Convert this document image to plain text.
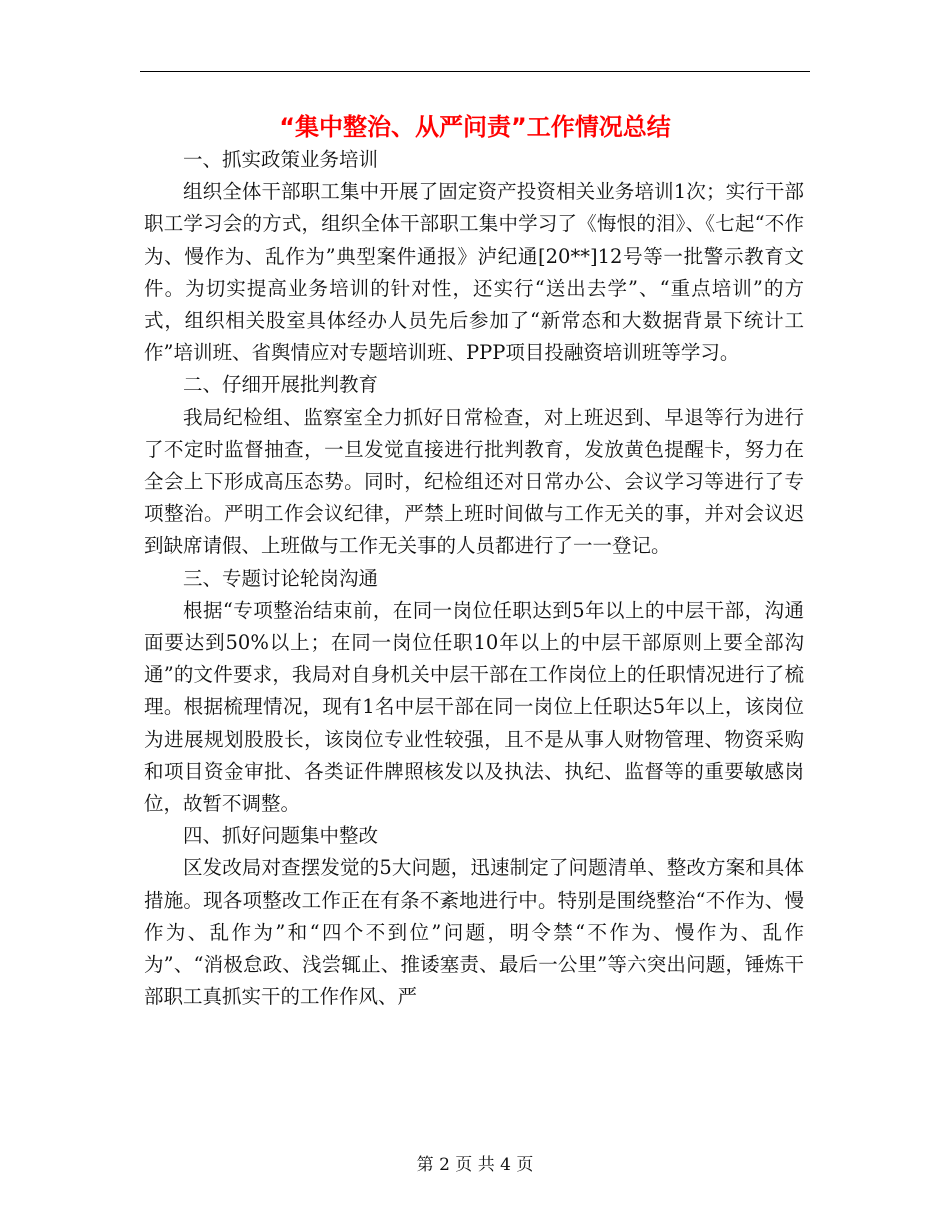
“集中整治、从严问责”工作情况总结

一、抓实政策业务培训

组织全体干部职工集中开展了固定资产投资相关业务培训1次；实行干部职工学习会的方式，组织全体干部职工集中学习了《悔恨的泪》、《七起“不作为、慢作为、乱作为”典型案件通报》泸纪通[20**]12号等一批警示教育文件。为切实提高业务培训的针对性，还实行“送出去学”、“重点培训”的方式，组织相关股室具体经办人员先后参加了“新常态和大数据背景下统计工作”培训班、省舆情应对专题培训班、PPP项目投融资培训班等学习。

二、仔细开展批判教育

我局纪检组、监察室全力抓好日常检查，对上班迟到、早退等行为进行了不定时监督抽查，一旦发觉直接进行批判教育，发放黄色提醒卡，努力在全会上下形成高压态势。同时，纪检组还对日常办公、会议学习等进行了专项整治。严明工作会议纪律，严禁上班时间做与工作无关的事，并对会议迟到缺席请假、上班做与工作无关事的人员都进行了一一登记。

三、专题讨论轮岗沟通

根据“专项整治结束前，在同一岗位任职达到5年以上的中层干部，沟通面要达到50%以上；在同一岗位任职10年以上的中层干部原则上要全部沟通”的文件要求，我局对自身机关中层干部在工作岗位上的任职情况进行了梳理。根据梳理情况，现有1名中层干部在同一岗位上任职达5年以上，该岗位为进展规划股股长，该岗位专业性较强，且不是从事人财物管理、物资采购和项目资金审批、各类证件牌照核发以及执法、执纪、监督等的重要敏感岗位，故暂不调整。

四、抓好问题集中整改

区发改局对查摆发觉的5大问题，迅速制定了问题清单、整改方案和具体措施。现各项整改工作正在有条不紊地进行中。特别是围绕整治“不作为、慢作为、乱作为”和“四个不到位”问题，明令禁“不作为、慢作为、乱作为”、“消极怠政、浅尝辄止、推诿塞责、最后一公里”等六突出问题，锤炼干部职工真抓实干的工作作风、严

第 2 页 共 4 页
